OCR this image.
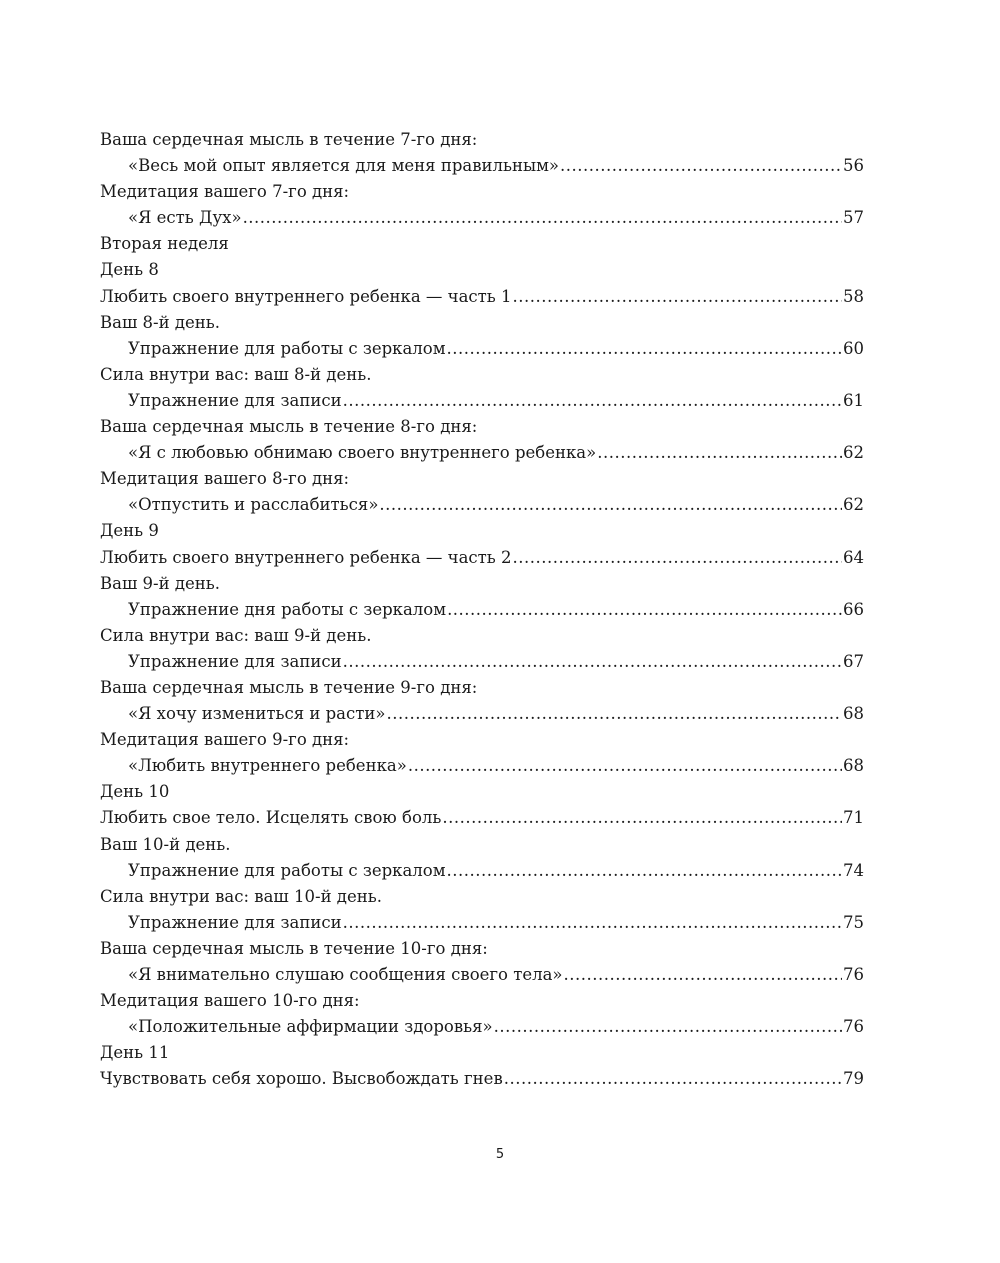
Ваша сердечная мысль в течение 7-го дня:
«Весь мой опыт является для меня правильным» .....	56
Медитация вашего 7-го дня:
«Я есть Дух» .....	57
Вторая неделя
День 8
Любить своего внутреннего ребенка — часть 1 .....	58
Ваш 8-й день.
Упражнение для работы с зеркалом .....	60
Сила внутри вас: ваш 8-й день.
Упражнение для записи .....	61
Ваша сердечная мысль в течение 8-го дня:
«Я с любовью обнимаю своего внутреннего ребенка» .....	62
Медитация вашего 8-го дня:
«Отпустить и расслабиться» .....	62
День 9
Любить своего внутреннего ребенка — часть 2 .....	64
Ваш 9-й день.
Упражнение дня работы с зеркалом .....	66
Сила внутри вас: ваш 9-й день.
Упражнение для записи .....	67
Ваша сердечная мысль в течение 9-го дня:
«Я хочу измениться и расти» .....	68
Медитация вашего 9-го дня:
«Любить внутреннего ребенка» .....	68
День 10
Любить свое тело. Исцелять свою боль .....	71
Ваш 10-й день.
Упражнение для работы с зеркалом .....	74
Сила внутри вас: ваш 10-й день.
Упражнение для записи .....	75
Ваша сердечная мысль в течение 10-го дня:
«Я внимательно слушаю сообщения своего тела» .....	76
Медитация вашего 10-го дня:
«Положительные аффирмации здоровья» .....	76
День 11
Чувствовать себя хорошо. Высвобождать гнев .....	79
5
